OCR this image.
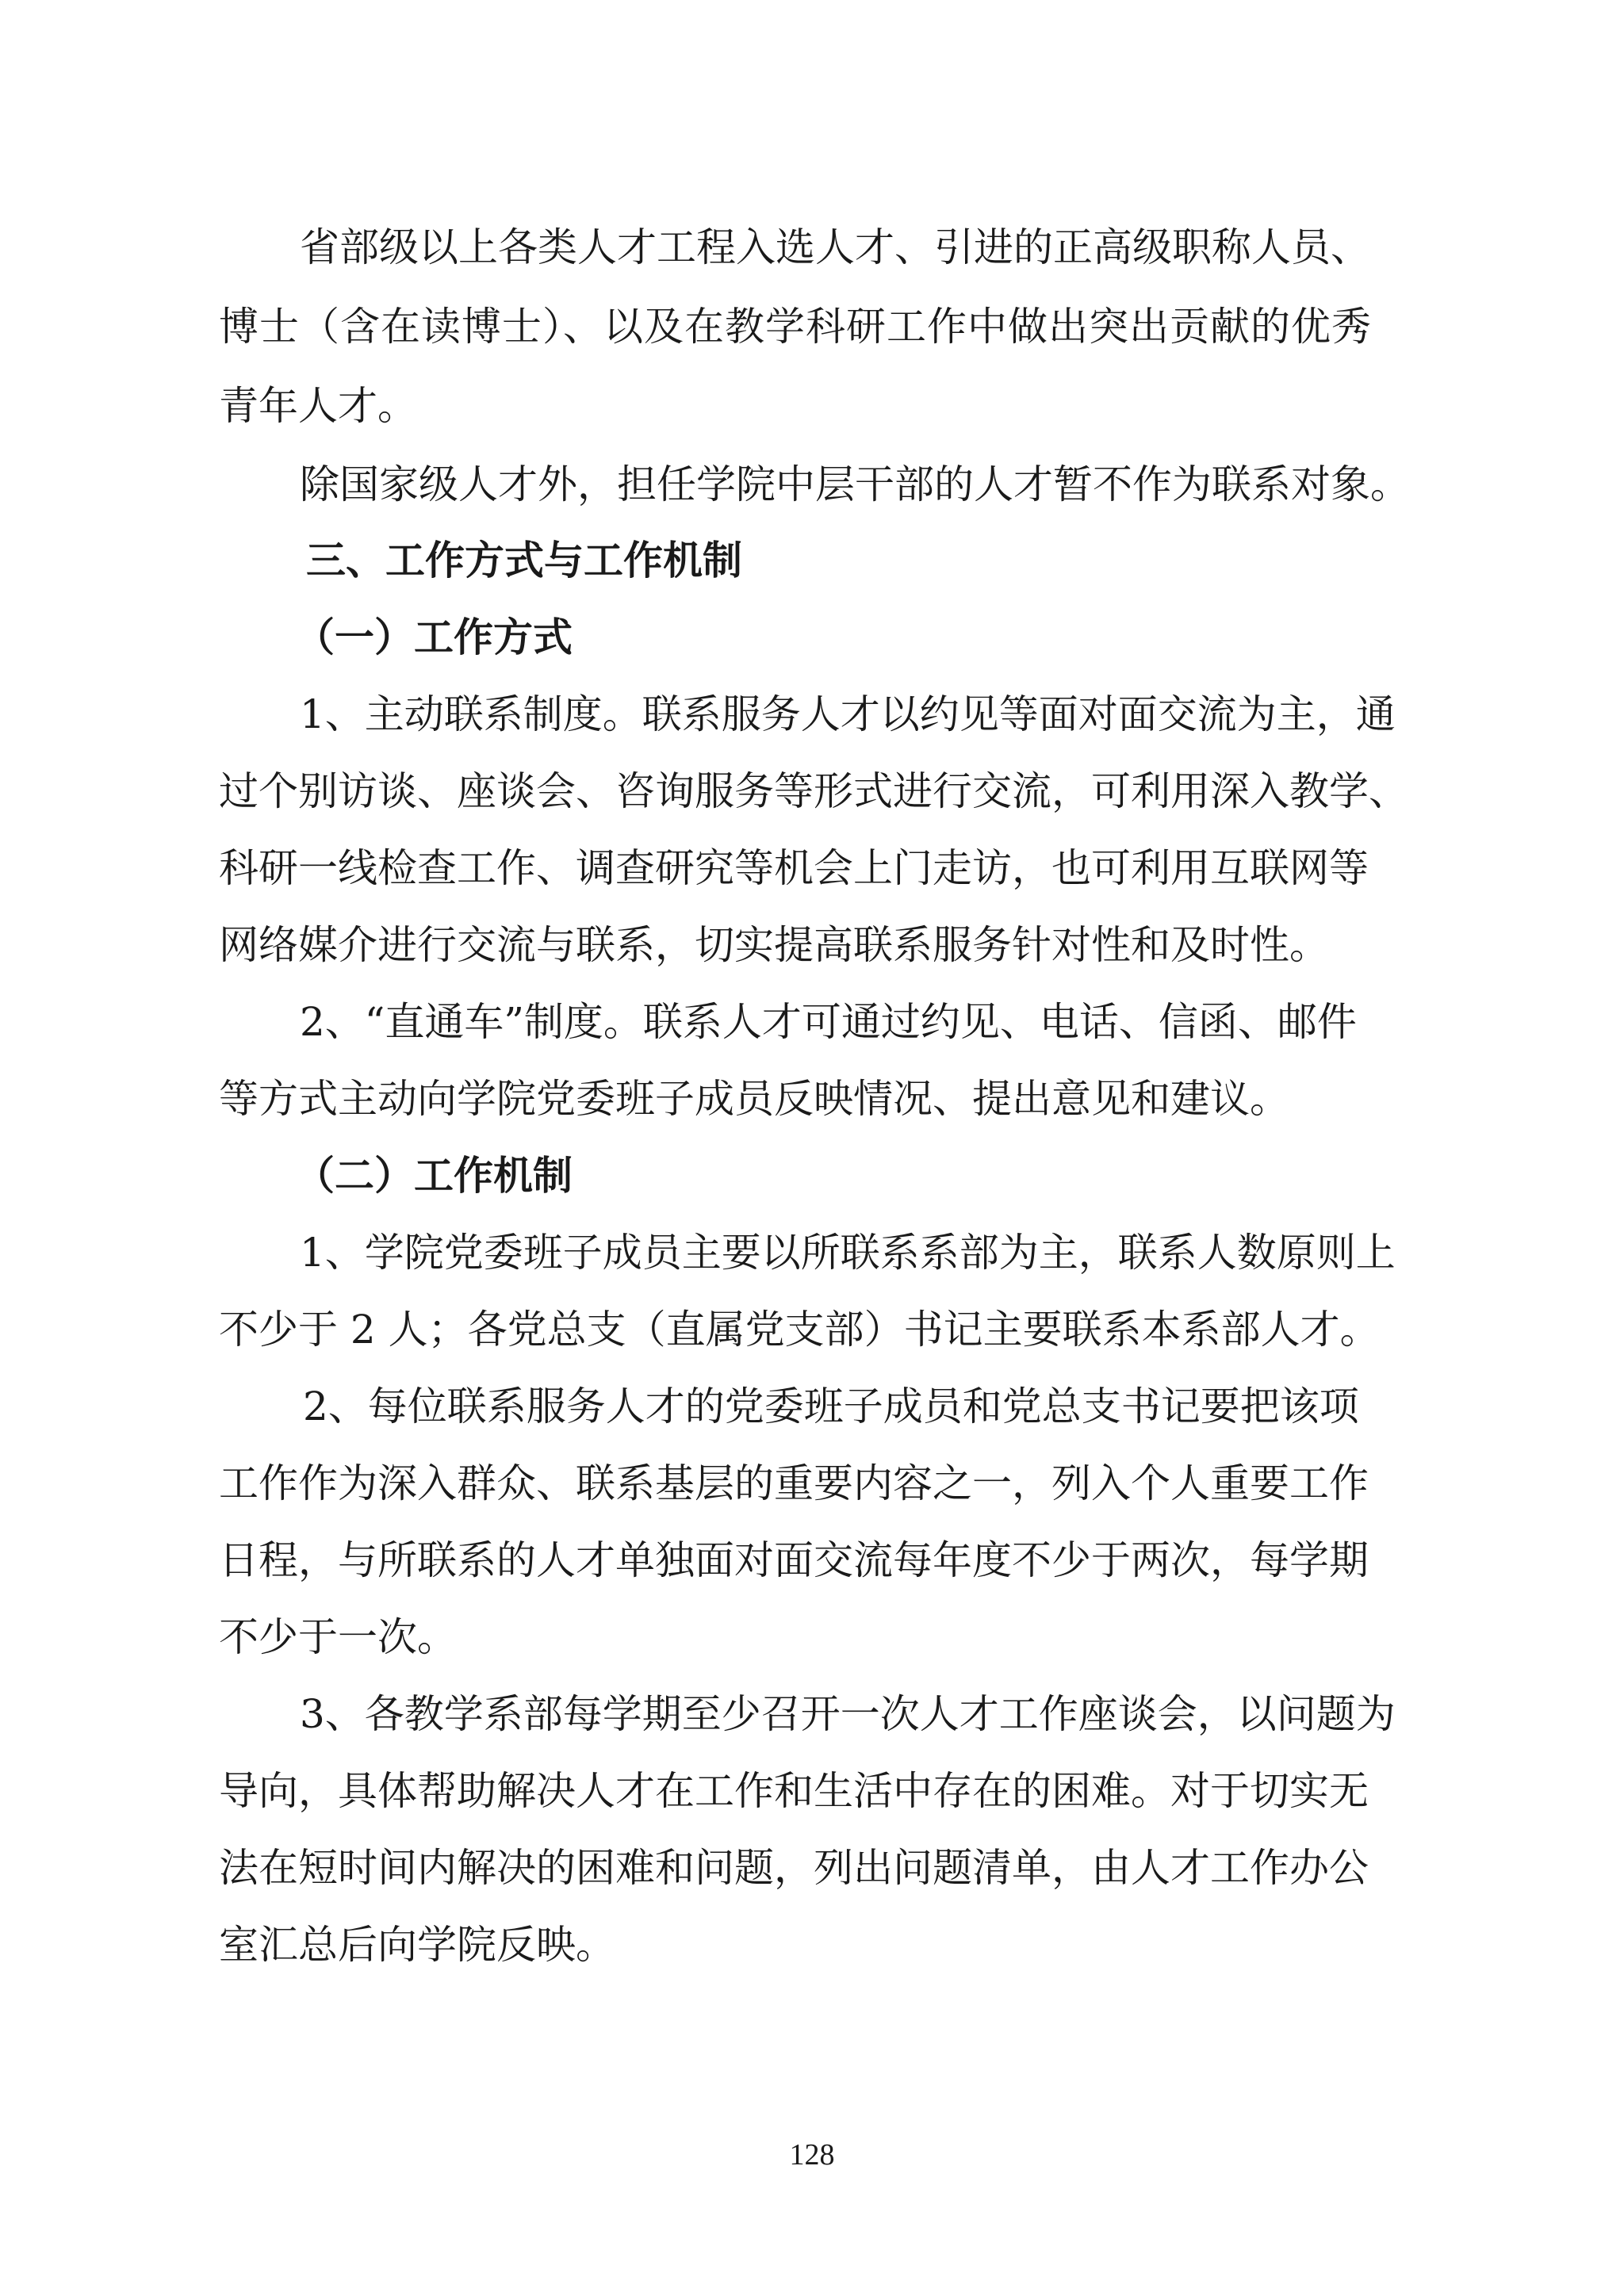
省部级以上各类人才工程入选人才、引进的正高级职称人员、
博士（含在读博士）、以及在教学科研工作中做出突出贡献的优秀
青年人才。
除国家级人才外，担任学院中层干部的人才暂不作为联系对象。
三、工作方式与工作机制
（一）工作方式
1、主动联系制度。联系服务人才以约见等面对面交流为主，通
过个别访谈、座谈会、咨询服务等形式进行交流，可利用深入教学、
科研一线检查工作、调查研究等机会上门走访，也可利用互联网等
网络媒介进行交流与联系，切实提高联系服务针对性和及时性。
2、“直通车”制度。联系人才可通过约见、电话、信函、邮件
等方式主动向学院党委班子成员反映情况、提出意见和建议。
（二）工作机制
1、学院党委班子成员主要以所联系系部为主，联系人数原则上
不少于 2 人；各党总支（直属党支部）书记主要联系本系部人才。
2、每位联系服务人才的党委班子成员和党总支书记要把该项
工作作为深入群众、联系基层的重要内容之一，列入个人重要工作
日程，与所联系的人才单独面对面交流每年度不少于两次，每学期
不少于一次。
3、各教学系部每学期至少召开一次人才工作座谈会，以问题为
导向，具体帮助解决人才在工作和生活中存在的困难。对于切实无
法在短时间内解决的困难和问题，列出问题清单，由人才工作办公
室汇总后向学院反映。
128
